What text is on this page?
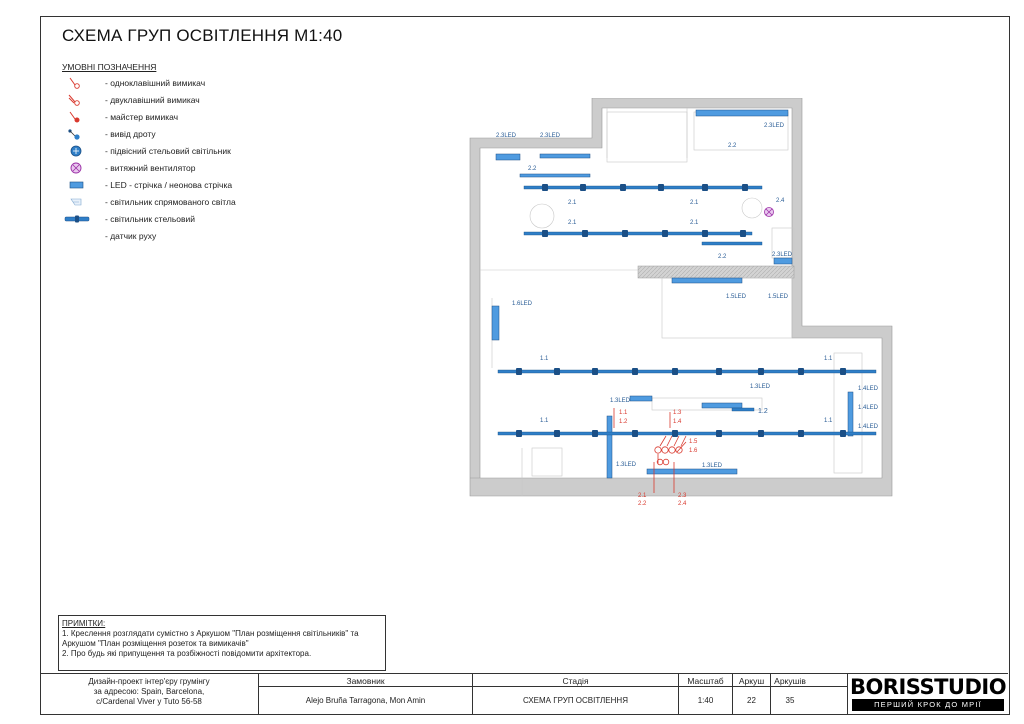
СХЕМА ГРУП ОСВІТЛЕННЯ М1:40
УМОВНІ ПОЗНАЧЕННЯ
- одноклавішний вимикач
- двуклавішний вимикач
- майстер вимикач
- вивід дроту
- підвісний стельовий світільник
- витяжний вентилятор
- LED - стрічка / неонова стрічка
- світильник спрямованого світла
- світильник стельовий
- датчик руху
2.3LED	2.3LED
2.3LED
2.3LED
2.2
2.2
2.2
2.1	2.1
2.1	2.1
2.4
1.5LED	1.5LED
1.6LED
1.1	1.1
1.1	1.1
1.3LED
1.3LED
1.3LED	1.3LED
1.2
1.4LED
1.4LED
1.4LED
1.1
1.2
1.3
1.4
1.5
1.6
2.1
2.2
2.3
2.4
ПРИМІТКИ:
1. Креслення розглядати сумістно з Аркушом "План розміщення світільників" та Аркушом "План розміщення розеток та вимикачів"
2. Про будь які припущення та розбіжності повідомити архітектора.
Дизайн-проект інтер'єру грумінгу
за адресою: Spain, Barcelona,
c/Cardenal Viver y Tuto 56-58
Замовник
Alejo Bruña Tarragona, Mon Amin
Стадія
СХЕМА ГРУП ОСВІТЛЕННЯ
Масштаб
1:40
Аркуш
22
Аркушів
35
BORISSTUDIO
ПЕРШИЙ КРОК ДО МРІЇ
